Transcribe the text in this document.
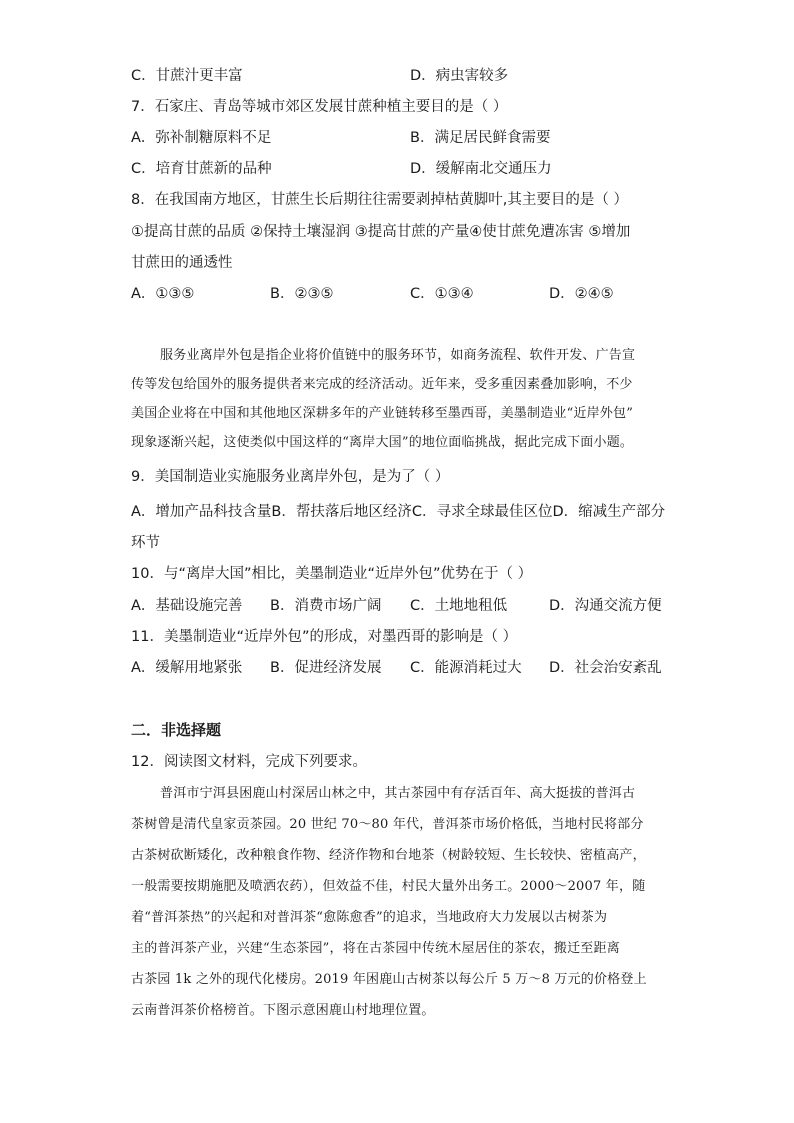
C．甘蔗汁更丰富	D．病虫害较多
7．石家庄、青岛等城市郊区发展甘蔗种植主要目的是（ ）
A．弥补制糖原料不足	B．满足居民鲜食需要
C．培育甘蔗新的品种	D．缓解南北交通压力
8．在我国南方地区，甘蔗生长后期往往需要剥掉枯黄脚叶,其主要目的是（ ）
①提高甘蔗的品质 ②保持土壤湿润 ③提高甘蔗的产量④使甘蔗免遭冻害 ⑤增加
甘蔗田的通透性
A．①③⑤	B．②③⑤	C．①③④	D．②④⑤
服务业离岸外包是指企业将价值链中的服务环节，如商务流程、软件开发、广告宣
传等发包给国外的服务提供者来完成的经济活动。近年来，受多重因素叠加影响，不少
美国企业将在中国和其他地区深耕多年的产业链转移至墨西哥，美墨制造业“近岸外包”
现象逐渐兴起，这使类似中国这样的“离岸大国”的地位面临挑战，据此完成下面小题。
9．美国制造业实施服务业离岸外包，是为了（ ）
A．增加产品科技含量B．帮扶落后地区经济C．寻求全球最佳区位D．缩减生产部分
环节
10．与“离岸大国”相比，美墨制造业“近岸外包”优势在于（ ）
A．基础设施完善 B．消费市场广阔 C．土地地租低	D．沟通交流方便
11．美墨制造业“近岸外包”的形成，对墨西哥的影响是（ ）
A．缓解用地紧张 B．促进经济发展 C．能源消耗过大 D．社会治安紊乱
二．非选择题
12．阅读图文材料，完成下列要求。
普洱市宁洱县困鹿山村深居山林之中，其古茶园中有存活百年、高大挺拔的普洱古
茶树曾是清代皇家贡茶园。20 世纪 70～80 年代，普洱茶市场价格低，当地村民将部分
古茶树砍断矮化，改种粮食作物、经济作物和台地茶（树龄较短、生长较快、密植高产，
一般需要按期施肥及喷洒农药），但效益不佳，村民大量外出务工。2000～2007 年，随
着“普洱茶热”的兴起和对普洱茶“愈陈愈香”的追求，当地政府大力发展以古树茶为
主的普洱茶产业，兴建“生态茶园”，将在古茶园中传统木屋居住的茶农，搬迁至距离
古茶园 1k 之外的现代化楼房。2019 年困鹿山古树茶以每公斤 5 万～8 万元的价格登上
云南普洱茶价格榜首。下图示意困鹿山村地理位置。
